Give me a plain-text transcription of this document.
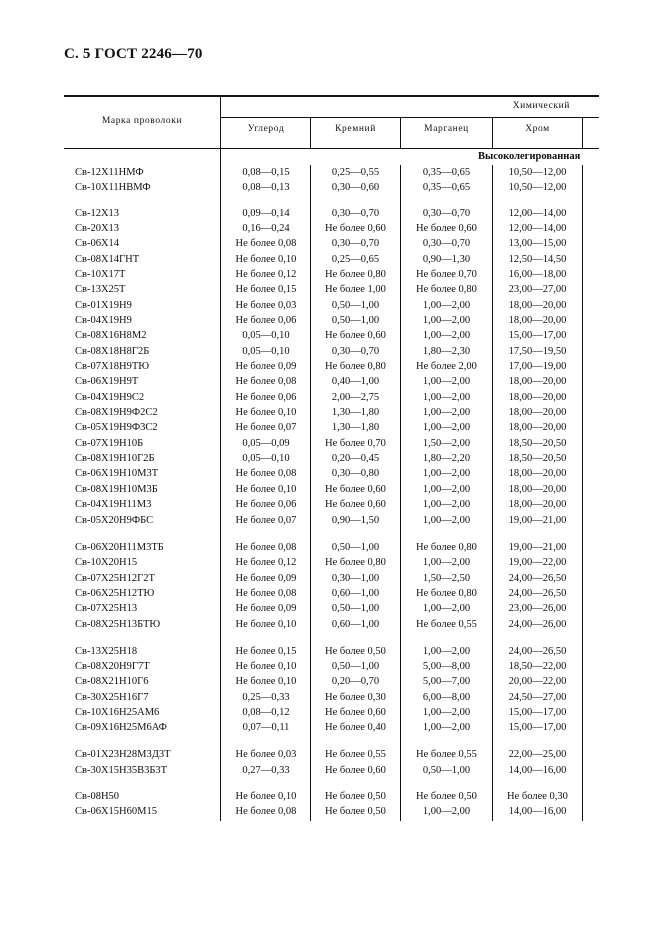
С. 5 ГОСТ 2246—70
Марка проволоки
Химический
Углерод	Кремний	Марганец	Хром
Высоколегированная
Св-12Х11НМФ	0,08—0,15	0,25—0,55	0,35—0,65	10,50—12,00
Св-10Х11НВМФ	0,08—0,13	0,30—0,60	0,35—0,65	10,50—12,00
Св-12Х13	0,09—0,14	0,30—0,70	0,30—0,70	12,00—14,00
Св-20Х13	0,16—0,24	Не более 0,60	Не более 0,60	12,00—14,00
Св-06Х14	Не более 0,08	0,30—0,70	0,30—0,70	13,00—15,00
Св-08Х14ГНТ	Не более 0,10	0,25—0,65	0,90—1,30	12,50—14,50
Св-10Х17Т	Не более 0,12	Не более 0,80	Не более 0,70	16,00—18,00
Св-13Х25Т	Не более 0,15	Не более 1,00	Не более 0,80	23,00—27,00
Св-01Х19Н9	Не более 0,03	0,50—1,00	1,00—2,00	18,00—20,00
Св-04Х19Н9	Не более 0,06	0,50—1,00	1,00—2,00	18,00—20,00
Св-08Х16Н8М2	0,05—0,10	Не более 0,60	1,00—2,00	15,00—17,00
Св-08Х18Н8Г2Б	0,05—0,10	0,30—0,70	1,80—2,30	17,50—19,50
Св-07Х18Н9ТЮ	Не более 0,09	Не более 0,80	Не более 2,00	17,00—19,00
Св-06Х19Н9Т	Не более 0,08	0,40—1,00	1,00—2,00	18,00—20,00
Св-04Х19Н9С2	Не более 0,06	2,00—2,75	1,00—2,00	18,00—20,00
Св-08Х19Н9Ф2С2	Не более 0,10	1,30—1,80	1,00—2,00	18,00—20,00
Св-05Х19Н9Ф3С2	Не более 0,07	1,30—1,80	1,00—2,00	18,00—20,00
Св-07Х19Н10Б	0,05—0,09	Не более 0,70	1,50—2,00	18,50—20,50
Св-08Х19Н10Г2Б	0,05—0,10	0,20—0,45	1,80—2,20	18,50—20,50
Св-06Х19Н10М3Т	Не более 0,08	0,30—0,80	1,00—2,00	18,00—20,00
Св-08Х19Н10М3Б	Не более 0,10	Не более 0,60	1,00—2,00	18,00—20,00
Св-04Х19Н11М3	Не более 0,06	Не более 0,60	1,00—2,00	18,00—20,00
Св-05Х20Н9ФБС	Не более 0,07	0,90—1,50	1,00—2,00	19,00—21,00
Св-06Х20Н11М3ТБ	Не более 0,08	0,50—1,00	Не более 0,80	19,00—21,00
Св-10Х20Н15	Не более 0,12	Не более 0,80	1,00—2,00	19,00—22,00
Св-07Х25Н12Г2Т	Не более 0,09	0,30—1,00	1,50—2,50	24,00—26,50
Св-06Х25Н12ТЮ	Не более 0,08	0,60—1,00	Не более 0,80	24,00—26,50
Св-07Х25Н13	Не более 0,09	0,50—1,00	1,00—2,00	23,00—26,00
Св-08Х25Н13БТЮ	Не более 0,10	0,60—1,00	Не более 0,55	24,00—26,00
Св-13Х25Н18	Не более 0,15	Не более 0,50	1,00—2,00	24,00—26,50
Св-08Х20Н9Г7Т	Не более 0,10	0,50—1,00	5,00—8,00	18,50—22,00
Св-08Х21Н10Г6	Не более 0,10	0,20—0,70	5,00—7,00	20,00—22,00
Св-30Х25Н16Г7	0,25—0,33	Не более 0,30	6,00—8,00	24,50—27,00
Св-10Х16Н25АМ6	0,08—0,12	Не более 0,60	1,00—2,00	15,00—17,00
Св-09Х16Н25М6АФ	0,07—0,11	Не более 0,40	1,00—2,00	15,00—17,00
Св-01Х23Н28М3Д3Т	Не более 0,03	Не более 0,55	Не более 0,55	22,00—25,00
Св-30Х15Н35В3Б3Т	0,27—0,33	Не более 0,60	0,50—1,00	14,00—16,00
Св-08Н50	Не более 0,10	Не более 0,50	Не более 0,50	Не более 0,30
Св-06Х15Н60М15	Не более 0,08	Не более 0,50	1,00—2,00	14,00—16,00
